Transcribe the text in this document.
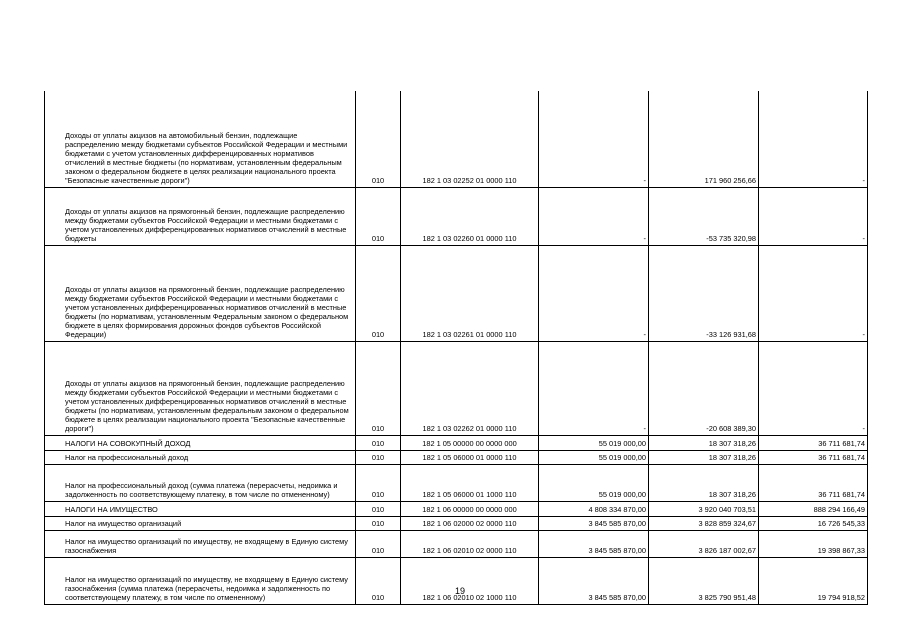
Доходы от уплаты акцизов на автомобильный бензин, подлежащие распределению между бюджетами субъектов Российской Федерации и местными бюджетами с учетом установленных дифференцированных нормативов отчислений в местные бюджеты (по нормативам, установленным федеральным законом о федеральном бюджете в целях реализации национального проекта "Безопасные качественные дороги")	010	182 1 03 02252 01 0000 110	-	171 960 256,66	-
Доходы от уплаты акцизов на прямогонный бензин, подлежащие распределению между бюджетами субъектов Российской Федерации и местными бюджетами с учетом установленных дифференцированных нормативов отчислений в местные бюджеты	010	182 1 03 02260 01 0000 110	-	-53 735 320,98	-
Доходы от уплаты акцизов на прямогонный бензин, подлежащие распределению между бюджетами субъектов Российской Федерации и местными бюджетами с учетом установленных дифференцированных нормативов отчислений в местные бюджеты (по нормативам, установленным Федеральным законом о федеральном бюджете в целях формирования дорожных фондов субъектов Российской Федерации)	010	182 1 03 02261 01 0000 110	-	-33 126 931,68	-
Доходы от уплаты акцизов на прямогонный бензин, подлежащие распределению между бюджетами субъектов Российской Федерации и местными бюджетами с учетом установленных дифференцированных нормативов отчислений в местные бюджеты (по нормативам, установленным федеральным законом о федеральном бюджете в целях реализации национального проекта "Безопасные качественные дороги")	010	182 1 03 02262 01 0000 110	-	-20 608 389,30	-
НАЛОГИ НА СОВОКУПНЫЙ ДОХОД	010	182 1 05 00000 00 0000 000	55 019 000,00	18 307 318,26	36 711 681,74
Налог на профессиональный доход	010	182 1 05 06000 01 0000 110	55 019 000,00	18 307 318,26	36 711 681,74
Налог на профессиональный доход (сумма платежа (перерасчеты, недоимка и задолженность по соответствующему платежу, в том числе по отмененному)	010	182 1 05 06000 01 1000 110	55 019 000,00	18 307 318,26	36 711 681,74
НАЛОГИ НА ИМУЩЕСТВО	010	182 1 06 00000 00 0000 000	4 808 334 870,00	3 920 040 703,51	888 294 166,49
Налог на имущество организаций	010	182 1 06 02000 02 0000 110	3 845 585 870,00	3 828 859 324,67	16 726 545,33
Налог на имущество организаций по имуществу, не входящему в Единую систему газоснабжения	010	182 1 06 02010 02 0000 110	3 845 585 870,00	3 826 187 002,67	19 398 867,33
Налог на имущество организаций по имуществу, не входящему в Единую систему газоснабжения (сумма платежа (перерасчеты, недоимка и задолженность по соответствующему платежу, в том числе по отмененному)	010	182 1 06 02010 02 1000 110	3 845 585 870,00	3 825 790 951,48	19 794 918,52
19
